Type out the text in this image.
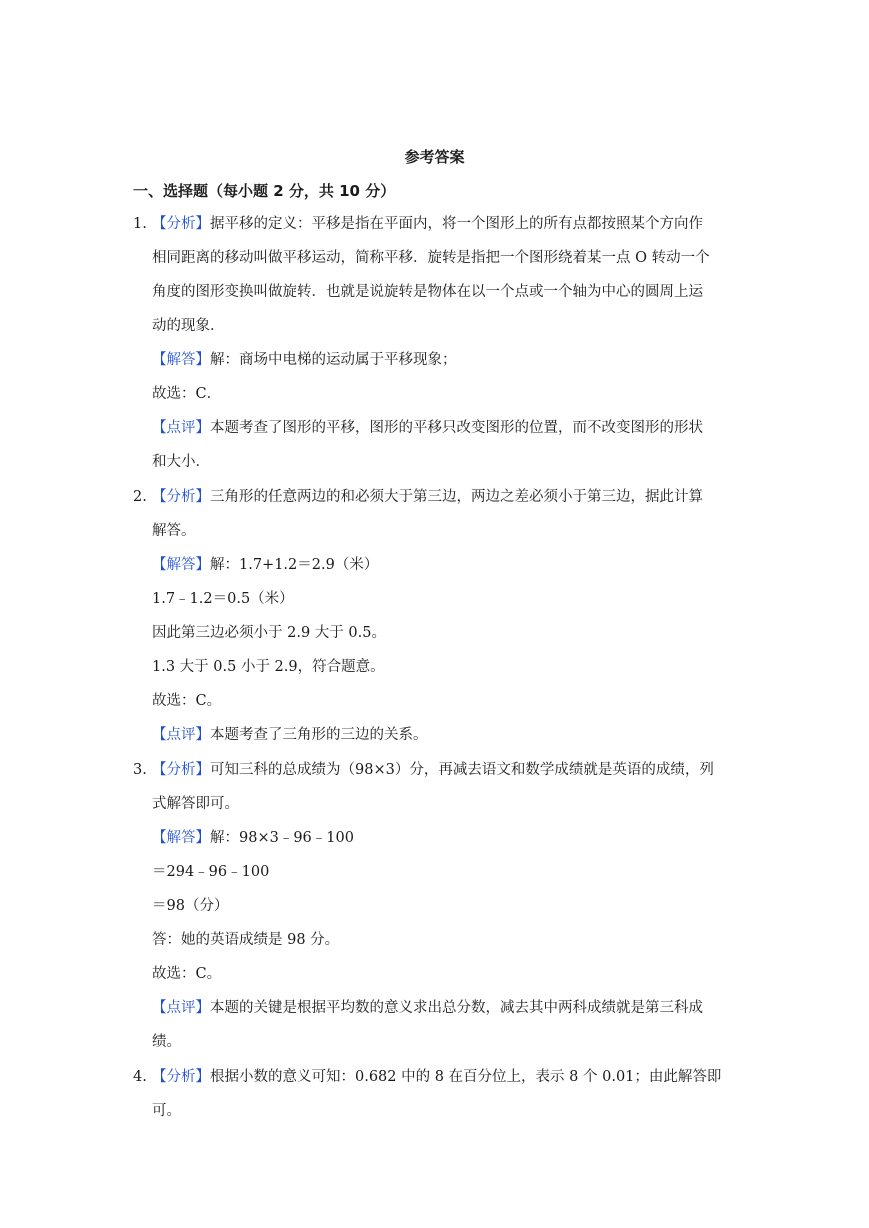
参考答案
一、选择题（每小题 2 分，共 10 分）
1. 【分析】据平移的定义：平移是指在平面内，将一个图形上的所有点都按照某个方向作
相同距离的移动叫做平移运动，简称平移．旋转是指把一个图形绕着某一点 O 转动一个
角度的图形变换叫做旋转．也就是说旋转是物体在以一个点或一个轴为中心的圆周上运
动的现象．
【解答】解：商场中电梯的运动属于平移现象；
故选：C．
【点评】本题考查了图形的平移，图形的平移只改变图形的位置，而不改变图形的形状
和大小．
2. 【分析】三角形的任意两边的和必须大于第三边，两边之差必须小于第三边，据此计算
解答。
【解答】解：1.7+1.2＝2.9（米）
1.7﹣1.2＝0.5（米）
因此第三边必须小于 2.9 大于 0.5。
1.3 大于 0.5 小于 2.9，符合题意。
故选：C。
【点评】本题考查了三角形的三边的关系。
3. 【分析】可知三科的总成绩为（98×3）分，再减去语文和数学成绩就是英语的成绩，列
式解答即可。
【解答】解：98×3﹣96﹣100
＝294﹣96﹣100
＝98（分）
答：她的英语成绩是 98 分。
故选：C。
【点评】本题的关键是根据平均数的意义求出总分数，减去其中两科成绩就是第三科成
绩。
4. 【分析】根据小数的意义可知：0.682 中的 8 在百分位上，表示 8 个 0.01；由此解答即
可。
